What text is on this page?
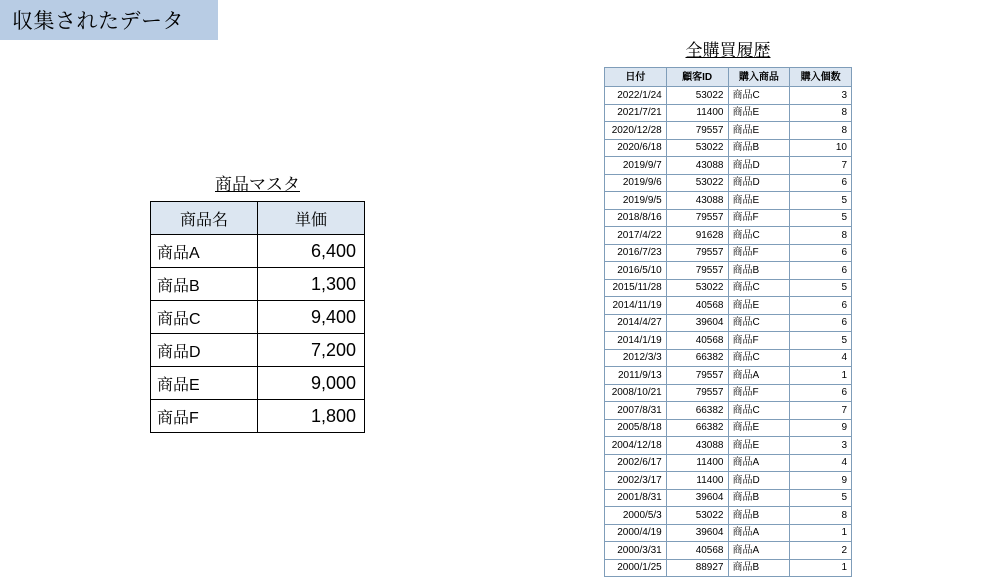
収集されたデータ
商品マスタ
商品名	単価
商品A	6,400
商品B	1,300
商品C	9,400
商品D	7,200
商品E	9,000
商品F	1,800
全購買履歴
日付	顧客ID	購入商品	購入個数
2022/1/24	53022	商品C	3
2021/7/21	11400	商品E	8
2020/12/28	79557	商品E	8
2020/6/18	53022	商品B	10
2019/9/7	43088	商品D	7
2019/9/6	53022	商品D	6
2019/9/5	43088	商品E	5
2018/8/16	79557	商品F	5
2017/4/22	91628	商品C	8
2016/7/23	79557	商品F	6
2016/5/10	79557	商品B	6
2015/11/28	53022	商品C	5
2014/11/19	40568	商品E	6
2014/4/27	39604	商品C	6
2014/1/19	40568	商品F	5
2012/3/3	66382	商品C	4
2011/9/13	79557	商品A	1
2008/10/21	79557	商品F	6
2007/8/31	66382	商品C	7
2005/8/18	66382	商品E	9
2004/12/18	43088	商品E	3
2002/6/17	11400	商品A	4
2002/3/17	11400	商品D	9
2001/8/31	39604	商品B	5
2000/5/3	53022	商品B	8
2000/4/19	39604	商品A	1
2000/3/31	40568	商品A	2
2000/1/25	88927	商品B	1
